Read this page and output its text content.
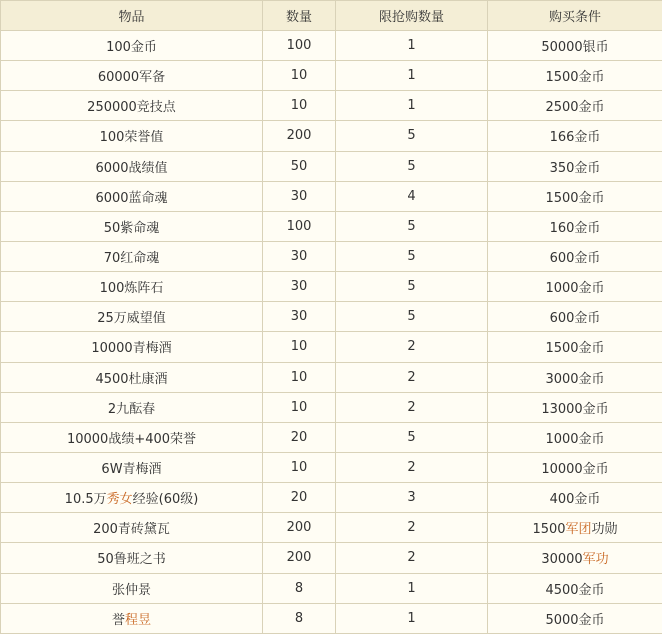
物品	数量	限抢购数量	购买条件
100金币	100	1	50000银币
60000军备	10	1	1500金币
250000竞技点	10	1	2500金币
100荣誉值	200	5	166金币
6000战绩值	50	5	350金币
6000蓝命魂	30	4	1500金币
50紫命魂	100	5	160金币
70红命魂	30	5	600金币
100炼阵石	30	5	1000金币
25万威望值	30	5	600金币
10000青梅酒	10	2	1500金币
4500杜康酒	10	2	3000金币
2九酝春	10	2	13000金币
10000战绩+400荣誉	20	5	1000金币
6W青梅酒	10	2	10000金币
10.5万秀女经验(60级)	20	3	400金币
200青砖黛瓦	200	2	1500军团功勋
50鲁班之书	200	2	30000军功
张仲景	8	1	4500金币
誉程昱	8	1	5000金币
